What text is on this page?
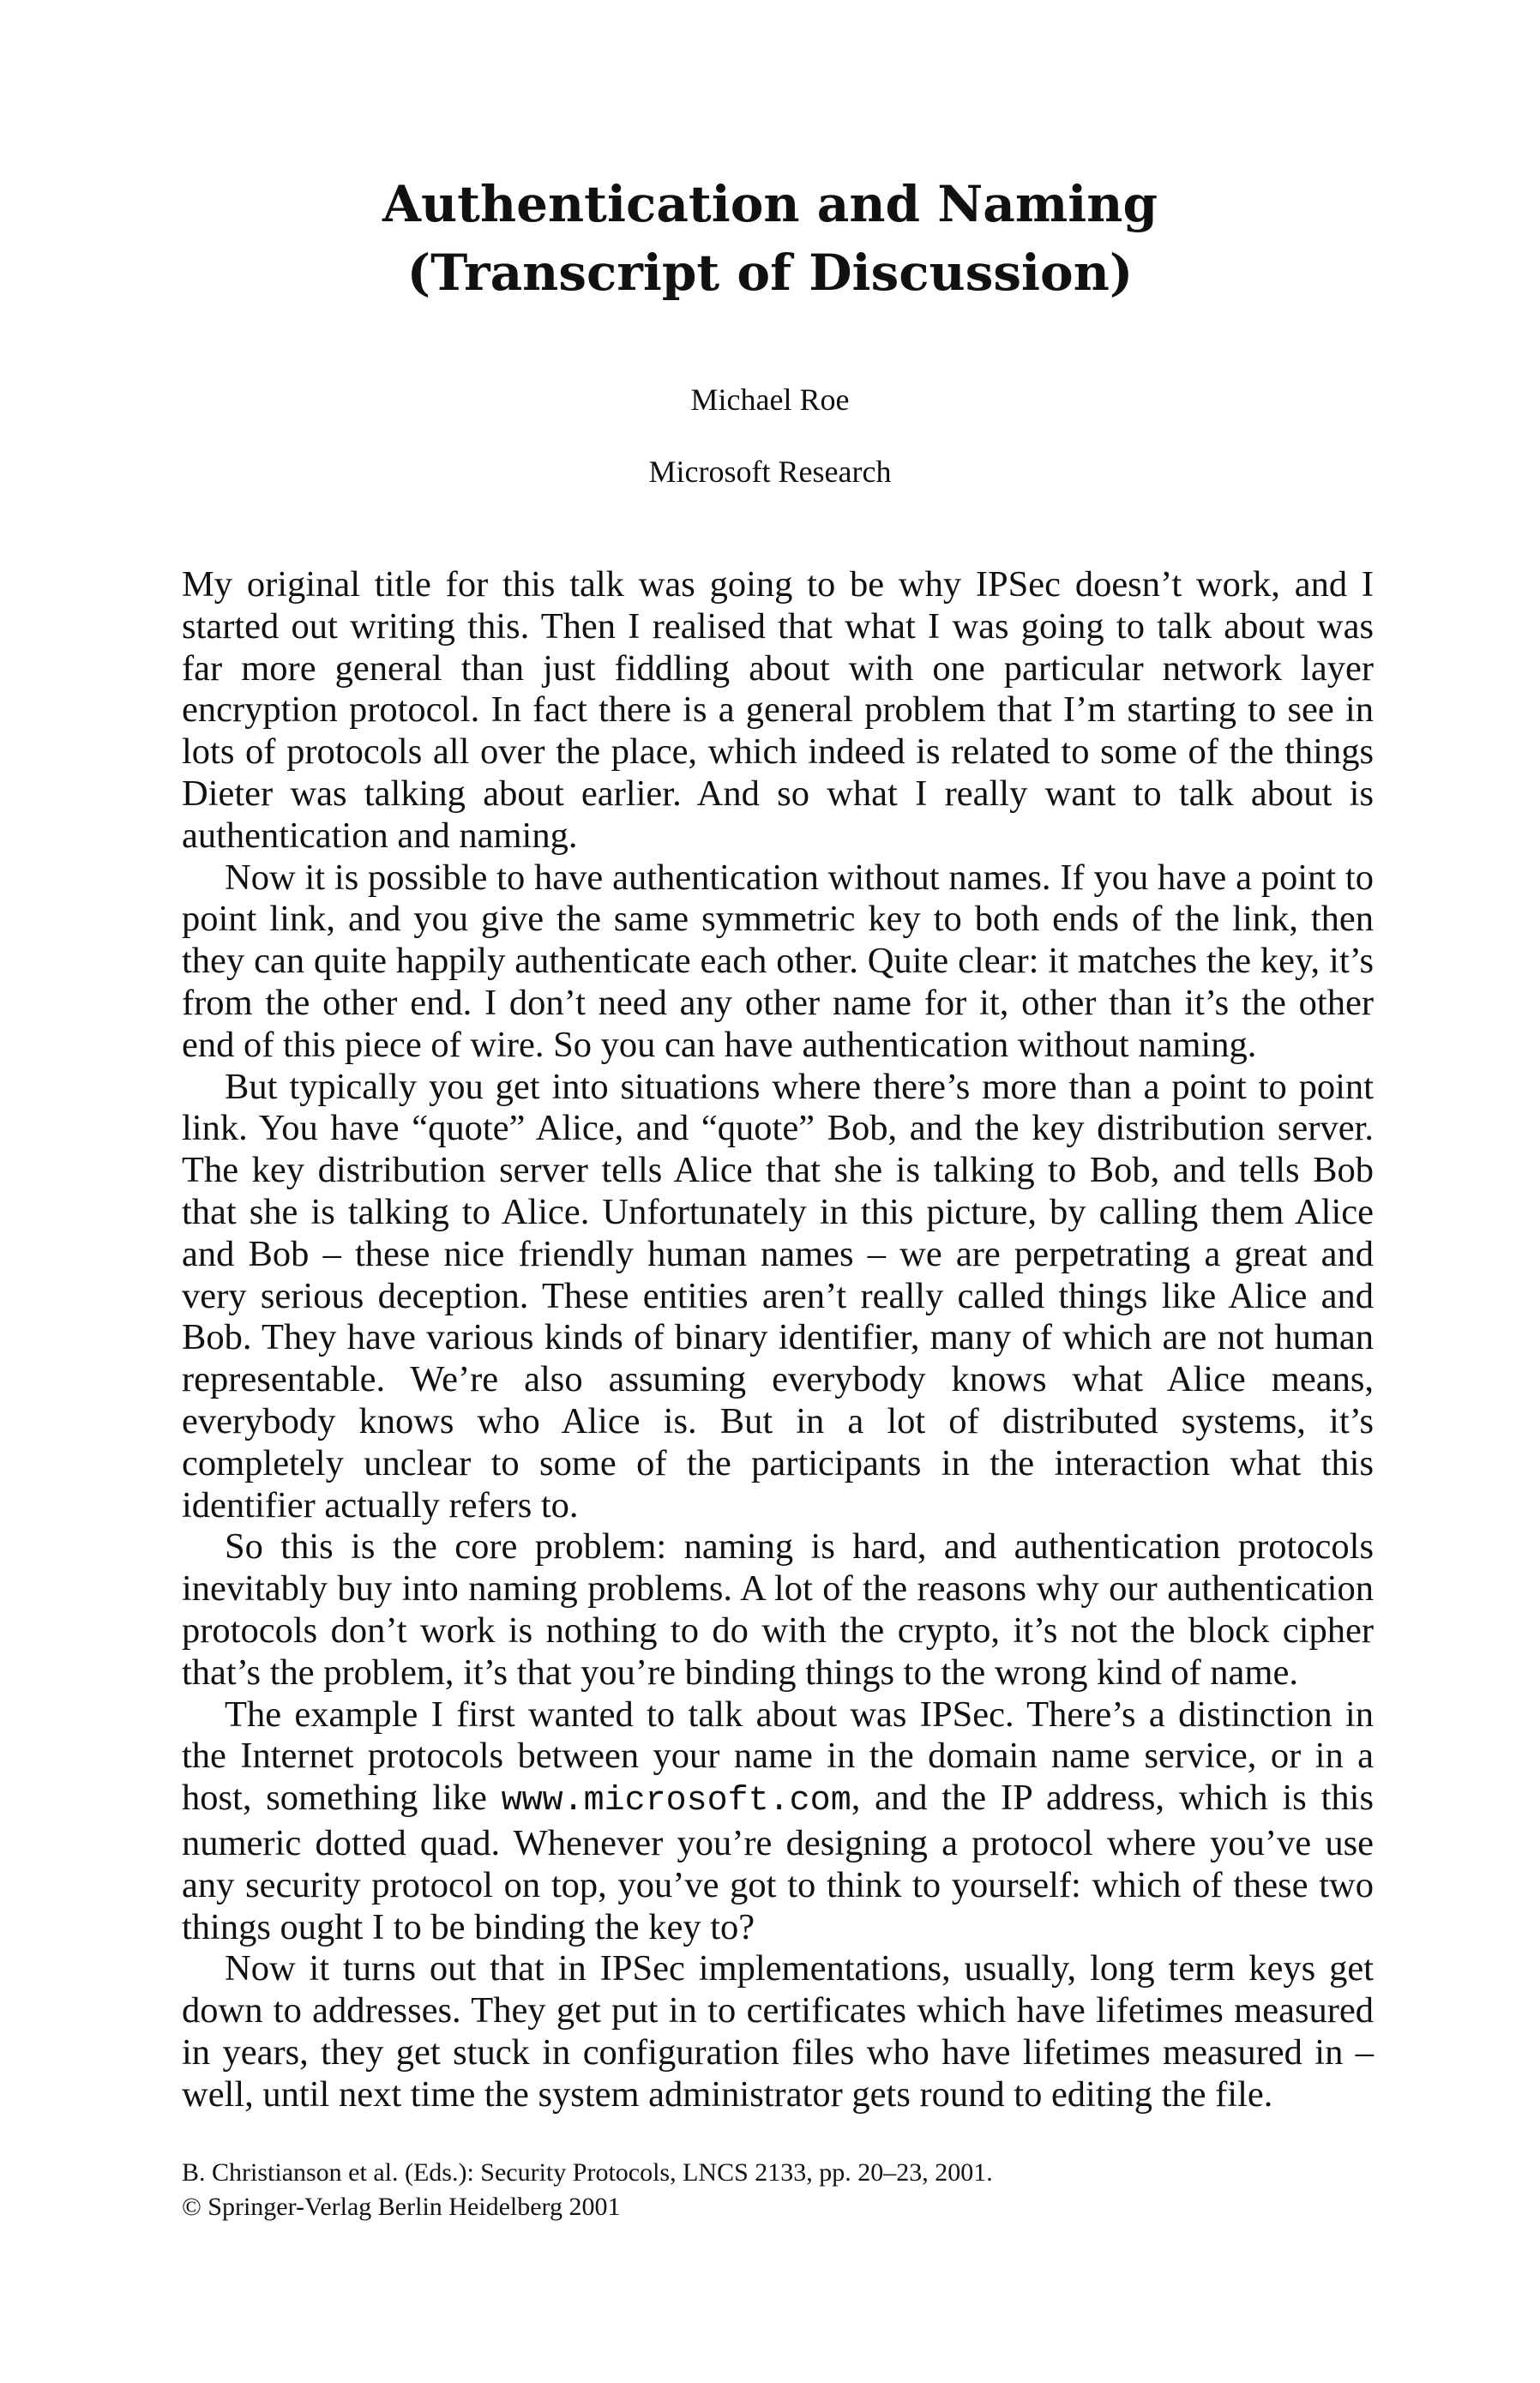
Authentication and Naming
(Transcript of Discussion)
Michael Roe
Microsoft Research

My original title for this talk was going to be why IPSec doesn’t work, and I started out writing this. Then I realised that what I was going to talk about was far more general than just fiddling about with one particular network layer encryption protocol. In fact there is a general problem that I’m starting to see in lots of protocols all over the place, which indeed is related to some of the things Dieter was talking about earlier. And so what I really want to talk about is authentication and naming.

Now it is possible to have authentication without names. If you have a point to point link, and you give the same symmetric key to both ends of the link, then they can quite happily authenticate each other. Quite clear: it matches the key, it’s from the other end. I don’t need any other name for it, other than it’s the other end of this piece of wire. So you can have authentication without naming.

But typically you get into situations where there’s more than a point to point link. You have “quote” Alice, and “quote” Bob, and the key distribution server. The key distribution server tells Alice that she is talking to Bob, and tells Bob that she is talking to Alice. Unfortunately in this picture, by calling them Alice and Bob – these nice friendly human names – we are perpetrating a great and very serious deception. These entities aren’t really called things like Alice and Bob. They have various kinds of binary identifier, many of which are not human representable. We’re also assuming everybody knows what Alice means, everybody knows who Alice is. But in a lot of distributed systems, it’s completely unclear to some of the participants in the interaction what this identifier actually refers to.

So this is the core problem: naming is hard, and authentication protocols inevitably buy into naming problems. A lot of the reasons why our authentication protocols don’t work is nothing to do with the crypto, it’s not the block cipher that’s the problem, it’s that you’re binding things to the wrong kind of name.

The example I first wanted to talk about was IPSec. There’s a distinction in the Internet protocols between your name in the domain name service, or in a host, something like www.microsoft.com, and the IP address, which is this numeric dotted quad. Whenever you’re designing a protocol where you’ve use any security protocol on top, you’ve got to think to yourself: which of these two things ought I to be binding the key to?

Now it turns out that in IPSec implementations, usually, long term keys get down to addresses. They get put in to certificates which have lifetimes measured in years, they get stuck in configuration files who have lifetimes measured in – well, until next time the system administrator gets round to editing the file.

B. Christianson et al. (Eds.): Security Protocols, LNCS 2133, pp. 20–23, 2001.
© Springer-Verlag Berlin Heidelberg 2001
